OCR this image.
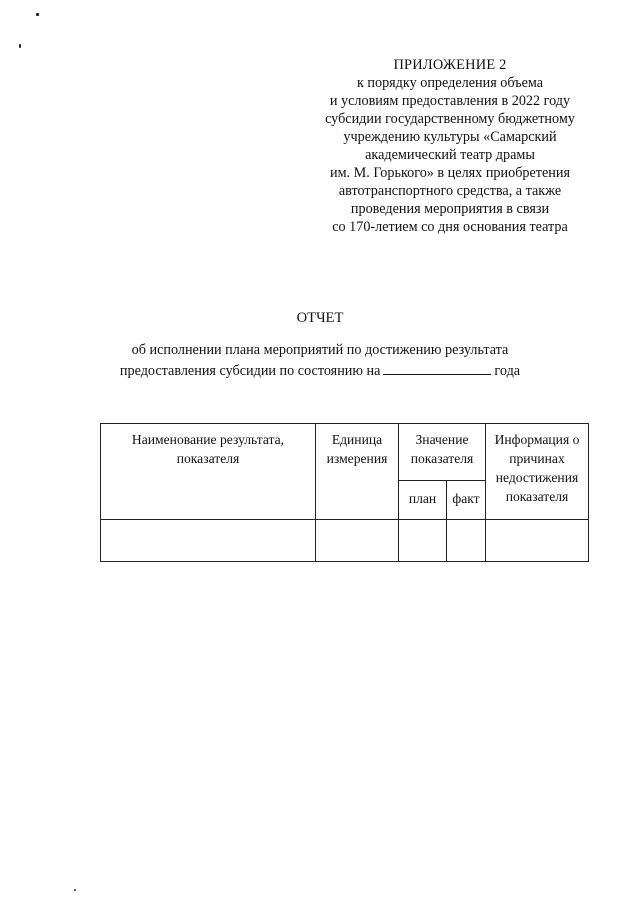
ПРИЛОЖЕНИЕ 2
к порядку определения объема
и условиям предоставления в 2022 году
субсидии государственному бюджетному
учреждению культуры «Самарский
академический театр драмы
им. М. Горького» в целях приобретения
автотранспортного средства, а также
проведения мероприятия в связи
со 170-летием со дня основания театра
ОТЧЕТ
об исполнении плана мероприятий по достижению результата
предоставления субсидии по состоянию на	года
Наименование результата, показателя	Единица измерения	Значение показателя		Информация о причинах недостижения показателя
		план	факт	
